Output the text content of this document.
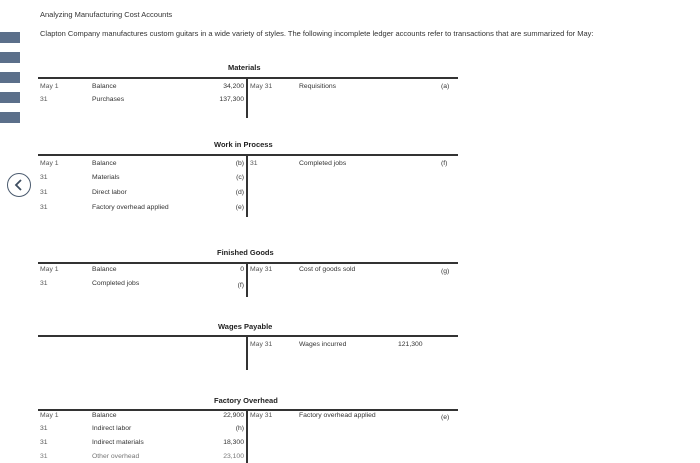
Analyzing Manufacturing Cost Accounts
Clapton Company manufactures custom guitars in a wide variety of styles. The following incomplete ledger accounts refer to transactions that are summarized for May:
Materials
May 1	Balance	34,200
31	Purchases	137,300
May 31	Requisitions	(a)
Work in Process
May 1	Balance	(b)
31	Materials	(c)
31	Direct labor	(d)
31	Factory overhead applied	(e)
31	Completed jobs	(f)
Finished Goods
May 1	Balance	0
31	Completed jobs	(f)
May 31	Cost of goods sold	(g)
Wages Payable
May 31	Wages incurred	121,300
Factory Overhead
May 1	Balance	22,900
31	Indirect labor	(h)
31	Indirect materials	18,300
31	Other overhead	23,100
May 31	Factory overhead applied	(e)
